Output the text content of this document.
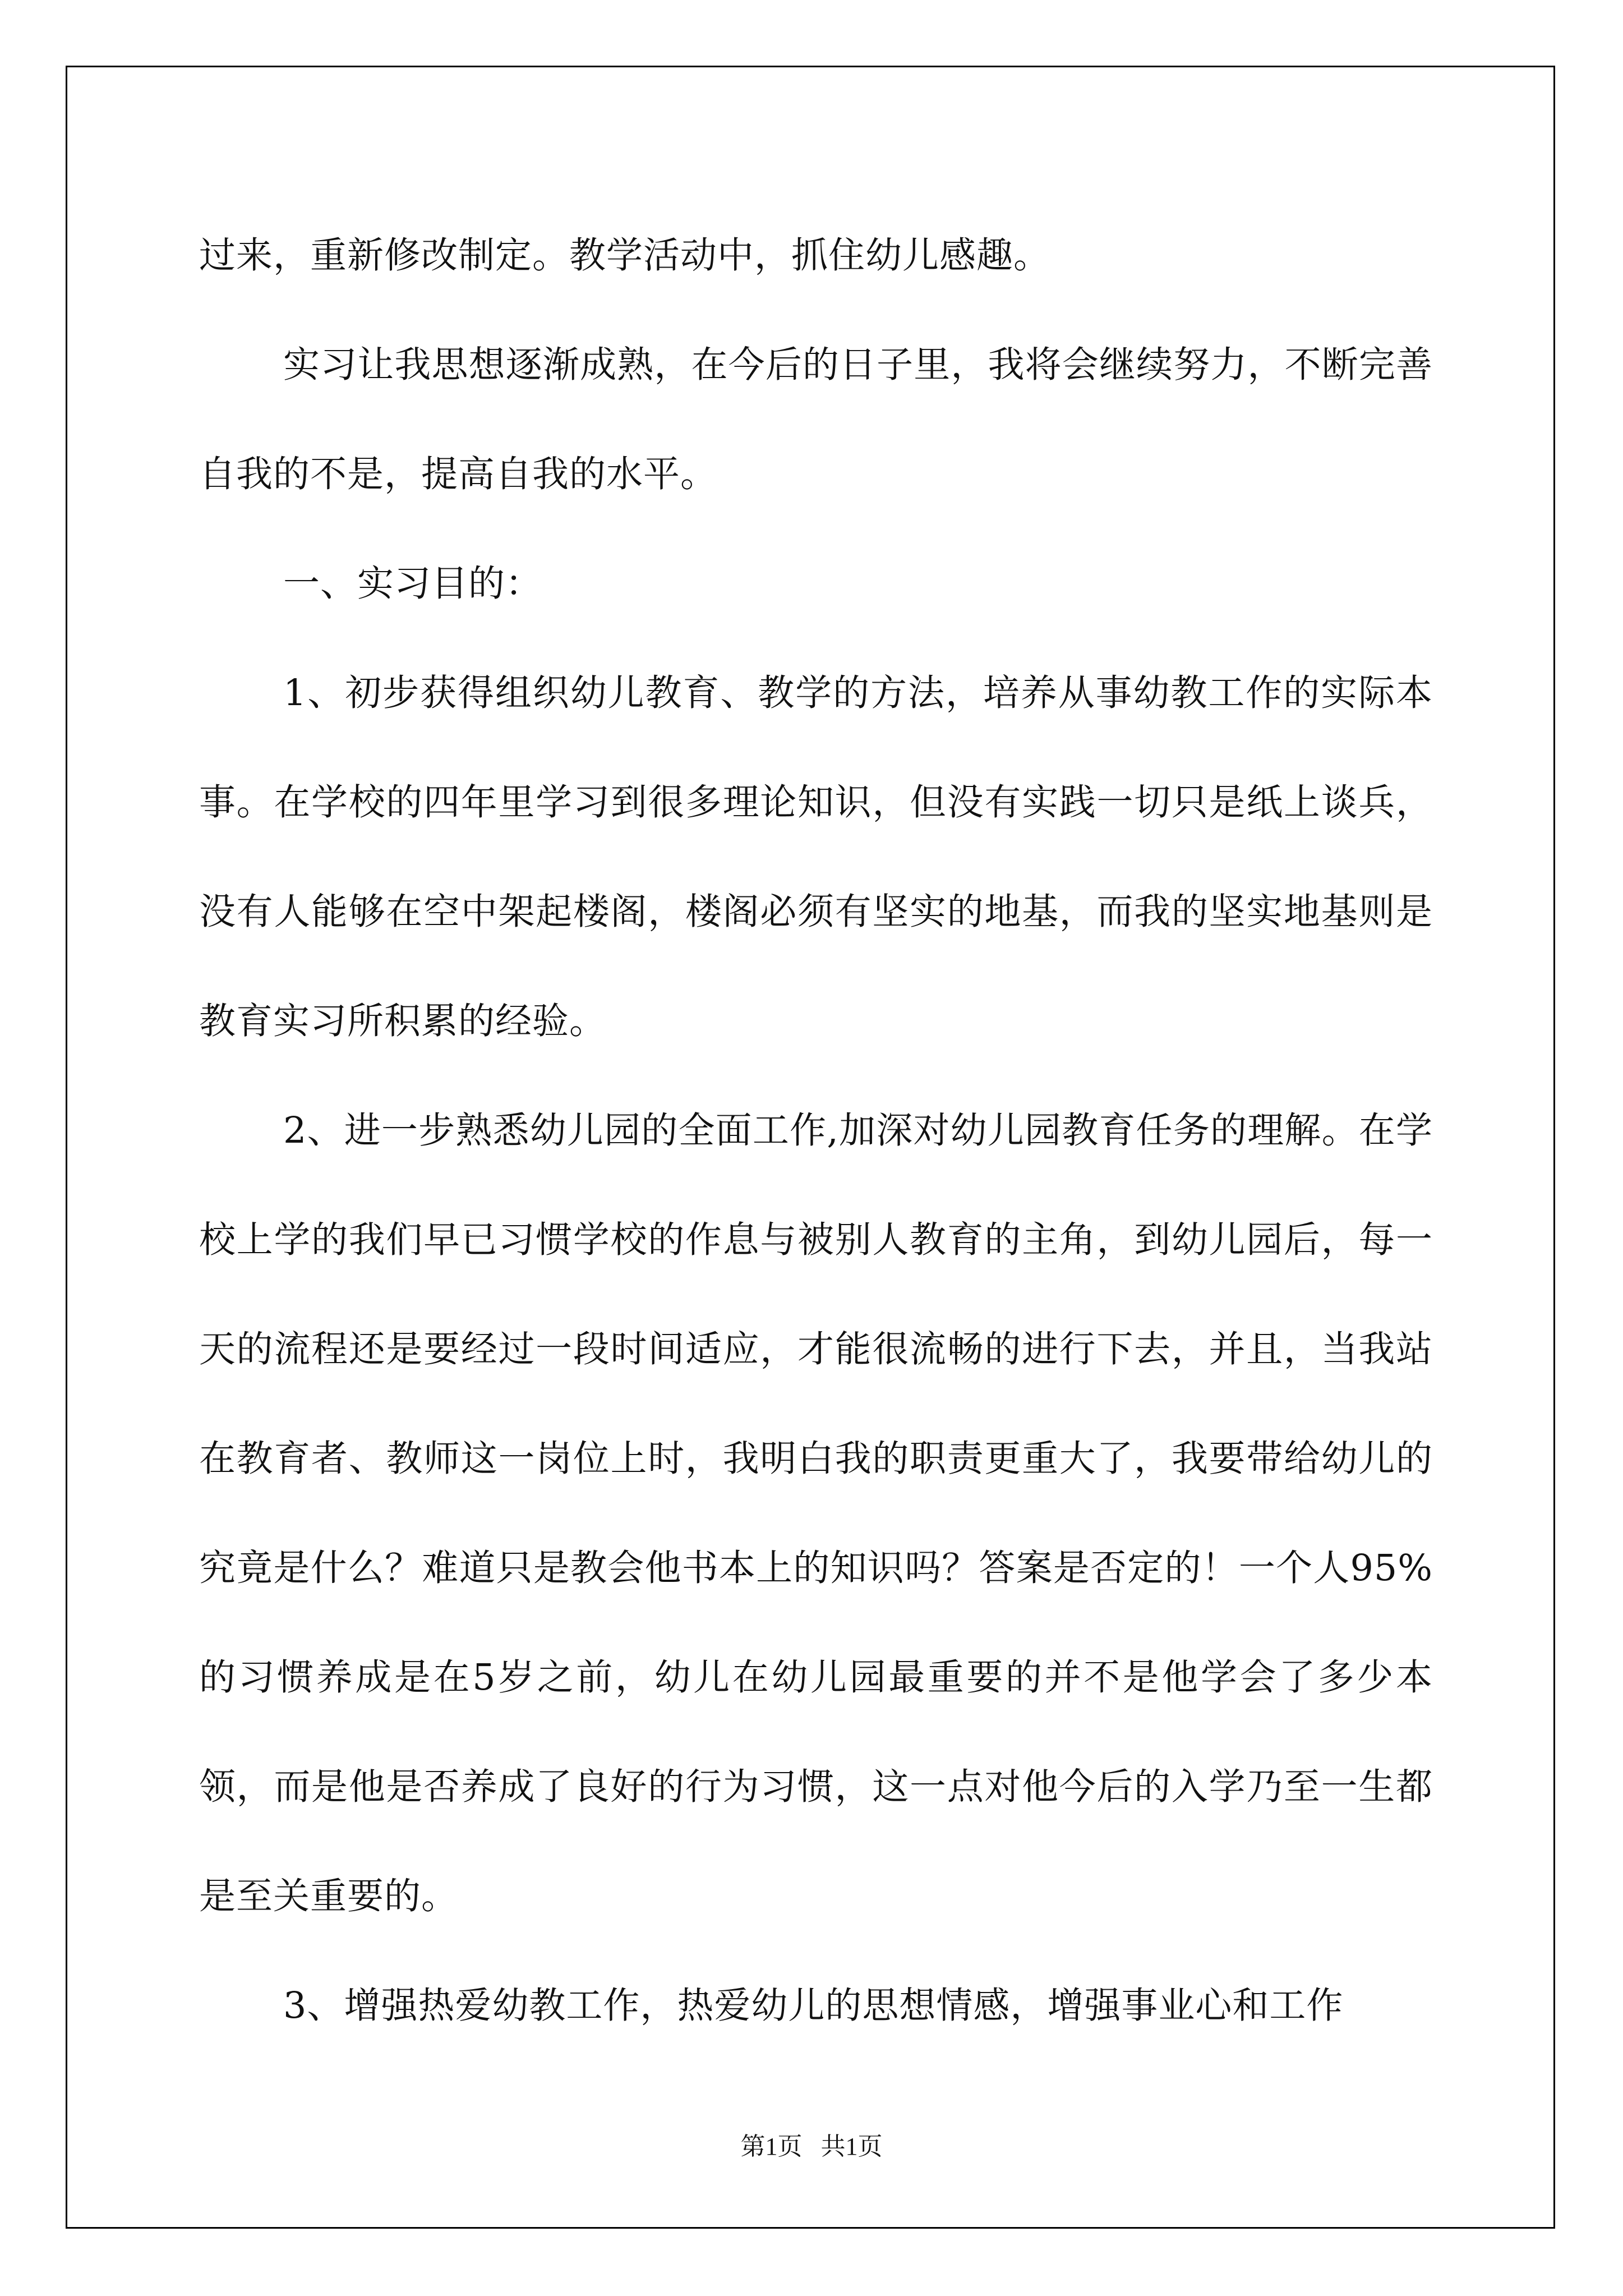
过来，重新修改制定。教学活动中，抓住幼儿感趣。

实习让我思想逐渐成熟，在今后的日子里，我将会继续努力，不断完善自我的不是，提高自我的水平。

一、实习目的：

1、初步获得组织幼儿教育、教学的方法，培养从事幼教工作的实际本事。在学校的四年里学习到很多理论知识，但没有实践一切只是纸上谈兵，没有人能够在空中架起楼阁，楼阁必须有坚实的地基，而我的坚实地基则是教育实习所积累的经验。

2、进一步熟悉幼儿园的全面工作,加深对幼儿园教育任务的理解。在学校上学的我们早已习惯学校的作息与被别人教育的主角，到幼儿园后，每一天的流程还是要经过一段时间适应，才能很流畅的进行下去，并且，当我站在教育者、教师这一岗位上时，我明白我的职责更重大了，我要带给幼儿的究竟是什么？难道只是教会他书本上的知识吗？答案是否定的！一个人95%的习惯养成是在5岁之前，幼儿在幼儿园最重要的并不是他学会了多少本领，而是他是否养成了良好的行为习惯，这一点对他今后的入学乃至一生都是至关重要的。

3、增强热爱幼教工作，热爱幼儿的思想情感，增强事业心和工作

第1页   共1页
